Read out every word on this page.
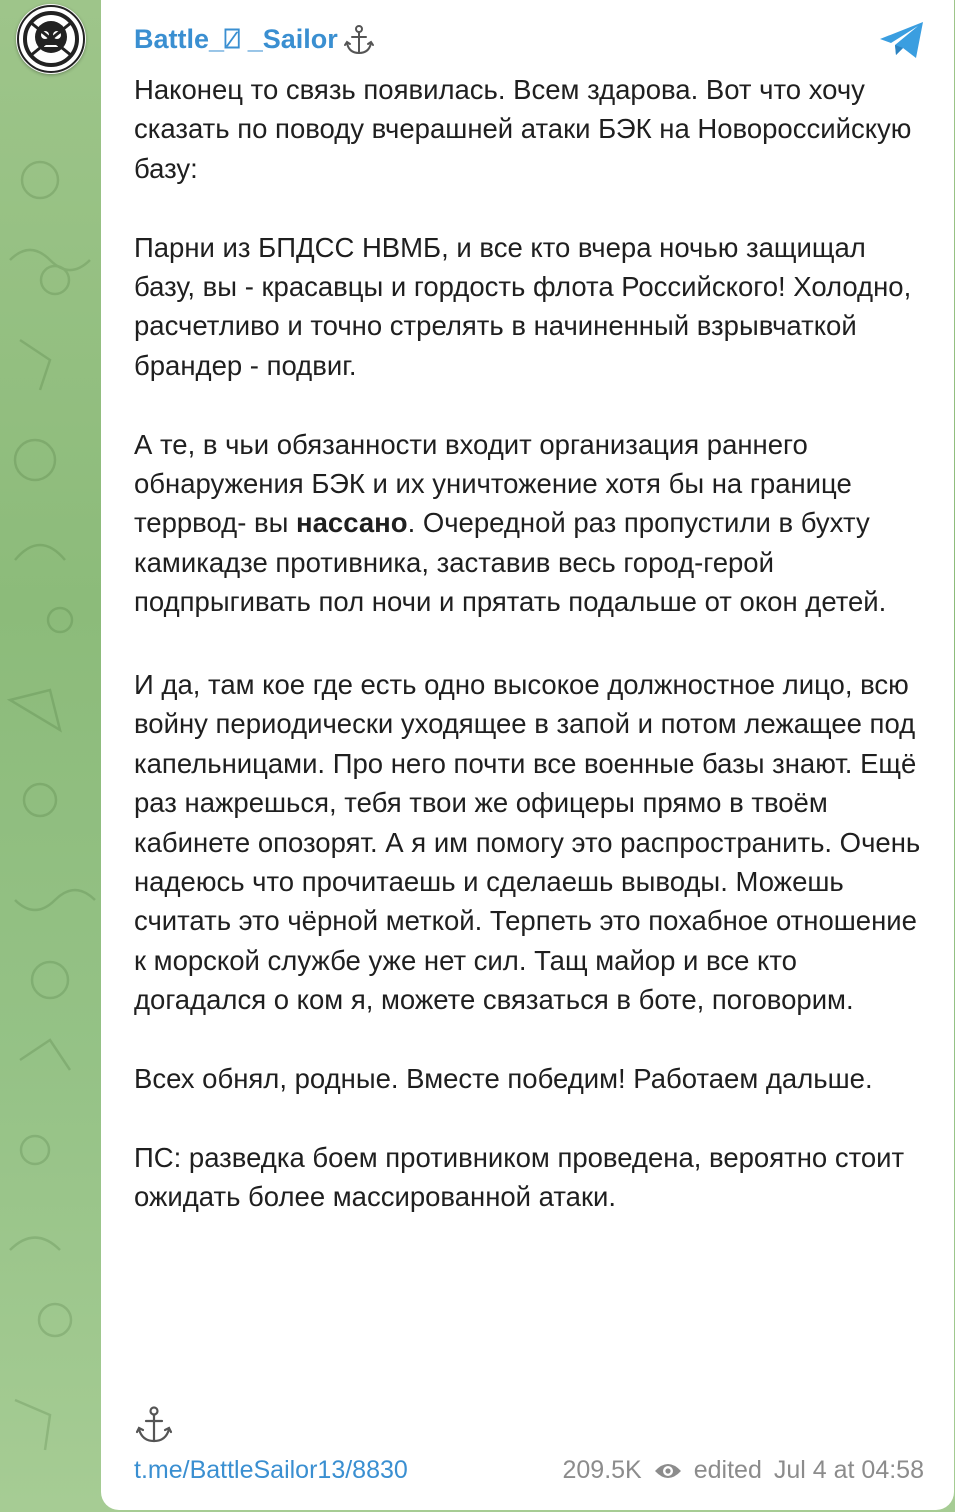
Battle_⍁ _Sailor

Наконец то связь появилась. Всем здарова. Вот что хочу сказать по поводу вчерашней атаки БЭК на Новороссийскую базу:

Парни из БПДСС НВМБ, и все кто вчера ночью защищал базу, вы - красавцы и гордость флота Российского! Холодно, расчетливо и точно стрелять в начиненный взрывчаткой брандер - подвиг.

А те, в чьи обязанности входит организация раннего обнаружения БЭК и их уничтожение хотя бы на границе террвод- вы нассано. Очередной раз пропустили в бухту камикадзе противника, заставив весь город-герой подпрыгивать пол ночи и прятать подальше от окон детей.

И да, там кое где есть одно высокое должностное лицо, всю войну периодически уходящее в запой и потом лежащее под капельницами. Про него почти все военные базы знают. Ещё раз нажрешься, тебя твои же офицеры прямо в твоём кабинете опозорят. А я им помогу это распространить. Очень надеюсь что прочитаешь и сделаешь выводы. Можешь считать это чёрной меткой. Терпеть это похабное отношение к морской службе уже нет сил. Тащ майор и все кто догадался о ком я, можете связаться в боте, поговорим.

Всех обнял, родные. Вместе победим! Работаем дальше.

ПС: разведка боем противником проведена, вероятно стоит ожидать более массированной атаки.

t.me/BattleSailor13/8830	209.5K edited Jul 4 at 04:58
